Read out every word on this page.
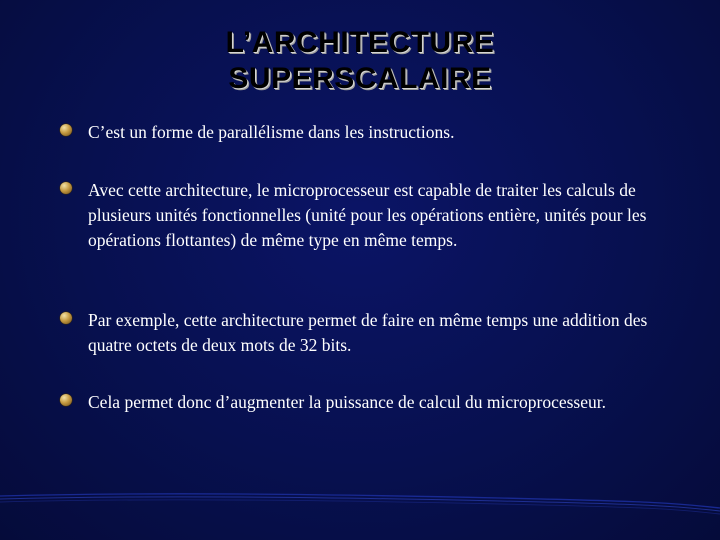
L’ARCHITECTURE
SUPERSCALAIRE
C’est un forme de parallélisme dans les instructions.
Avec cette architecture, le microprocesseur est capable de traiter les calculs de plusieurs unités fonctionnelles (unité pour les opérations entière, unités pour les opérations flottantes) de même type en même temps.
Par exemple, cette architecture permet de faire en même temps une addition des quatre octets de deux mots de 32 bits.
Cela permet donc d’augmenter la puissance de calcul du microprocesseur.
